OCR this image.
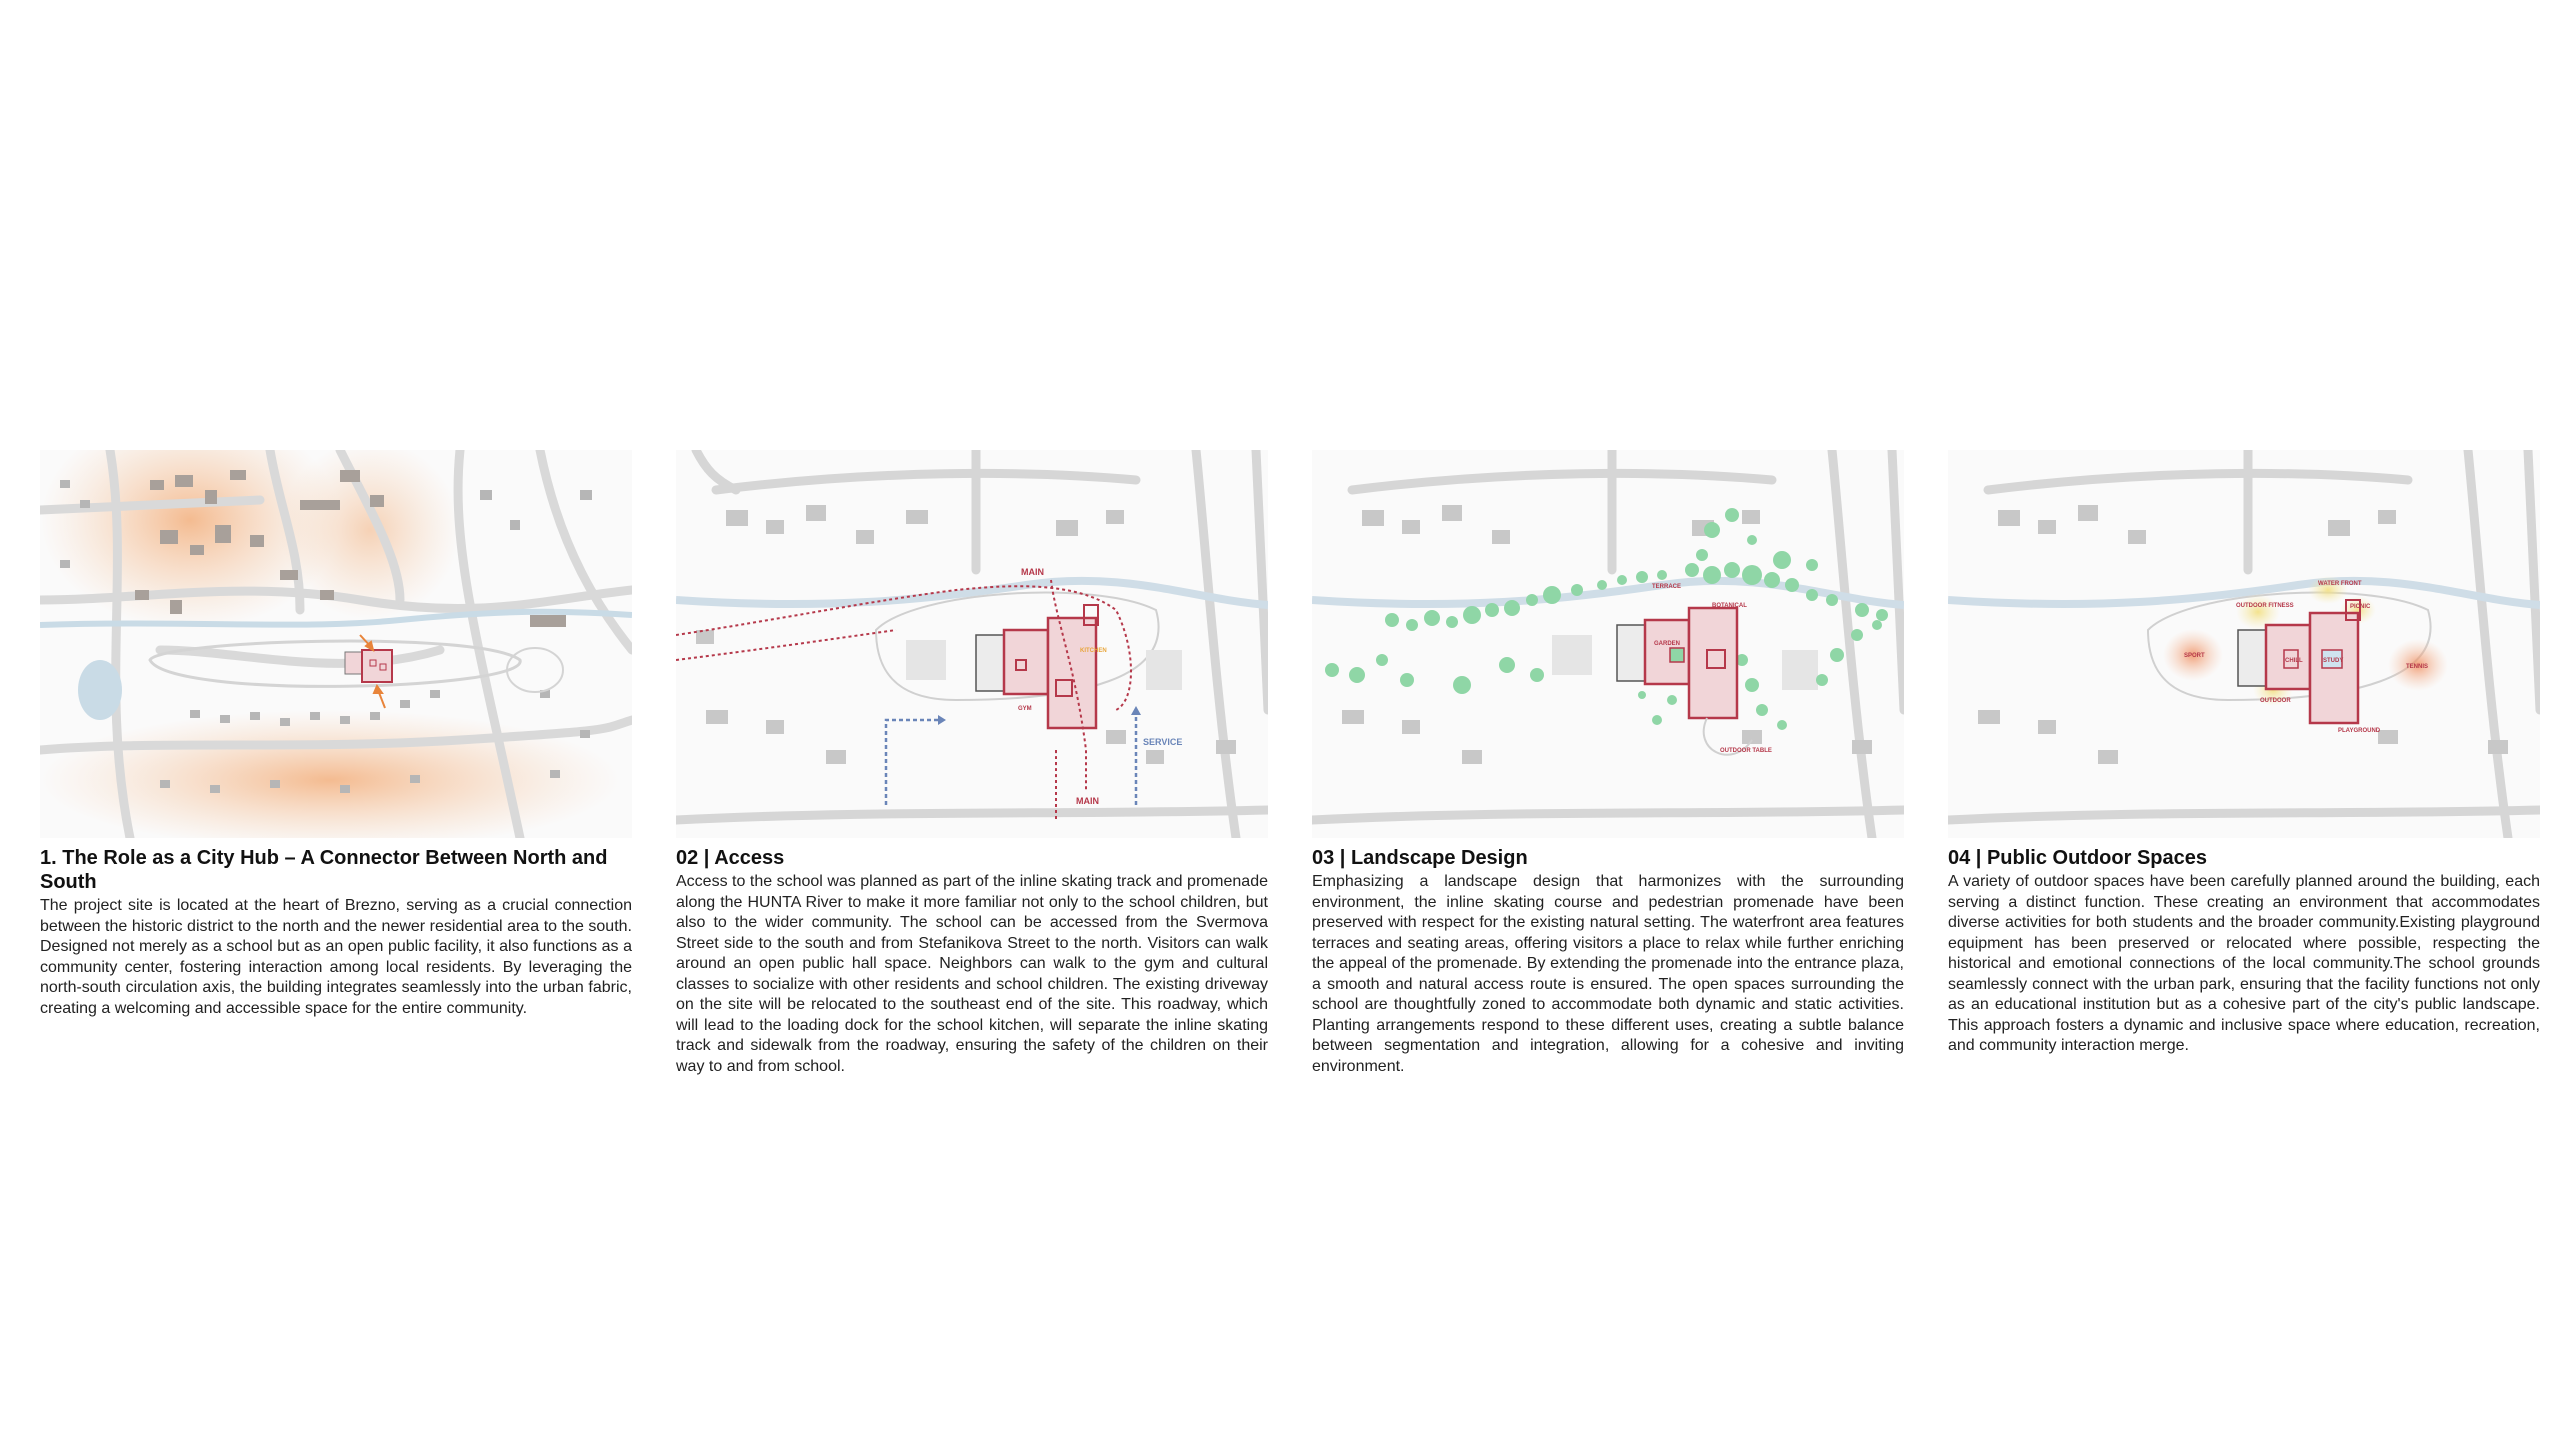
1. The Role as a City Hub – A Connector Between North and South

The project site is located at the heart of Brezno, serving as a crucial connection between the historic district to the north and the newer residential area to the south. Designed not merely as a school but as an open public facility, it also functions as a community center, fostering interaction among local residents. By leveraging the north-south circulation axis, the building integrates seamlessly into the urban fabric, creating a welcoming and accessible space for the entire community.

MAIN
MAIN
SERVICE
KITCHEN
GYM
02 | Access

Access to the school was planned as part of the inline skating track and promenade along the HUNTA River to make it more familiar not only to the school children, but also to the wider community. The school can be accessed from the Svermova Street side to the south and from Stefanikova Street to the north. Visitors can walk around an open public hall space. Neighbors can walk to the gym and cultural classes to socialize with other residents and school children. The existing driveway on the site will be relocated to the southeast end of the site. This roadway, which will lead to the loading dock for the school kitchen, will separate the inline skating track and sidewalk from the roadway, ensuring the safety of the children on their way to and from school.

TERRACE
BOTANICAL
GARDEN
OUTDOOR TABLE
03 | Landscape Design

Emphasizing a landscape design that harmonizes with the surrounding environment, the inline skating course and pedestrian promenade have been preserved with respect for the existing natural setting. The waterfront area features terraces and seating areas, offering visitors a place to relax while further enriching the appeal of the promenade. By extending the promenade into the entrance plaza, a smooth and natural access route is ensured. The open spaces surrounding the school are thoughtfully zoned to accommodate both dynamic and static activities. Planting arrangements respond to these different uses, creating a subtle balance between segmentation and integration, allowing for a cohesive and inviting environment.

SPORT
OUTDOOR FITNESS
WATER FRONT
PICNIC
CHILL	STUDY
TENNIS
OUTDOOR
PLAYGROUND
04 | Public Outdoor Spaces

A variety of outdoor spaces have been carefully planned around the building, each serving a distinct function. These creating an environment that accommodates diverse activities for both students and the broader community.Existing playground equipment has been preserved or relocated where possible, respecting the historical and emotional connections of the local community.The school grounds seamlessly connect with the urban park, ensuring that the facility functions not only as an educational institution but as a cohesive part of the city's public landscape. This approach fosters a dynamic and inclusive space where education, recreation, and community interaction merge.
